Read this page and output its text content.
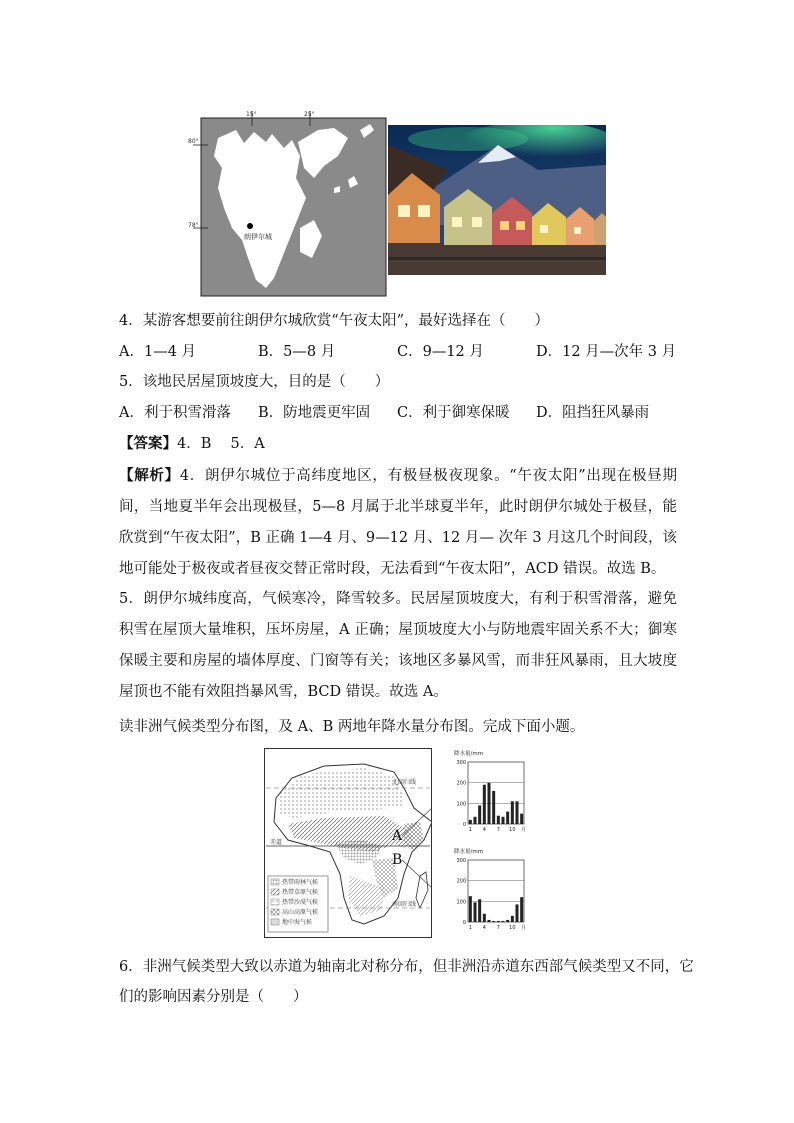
15°	25°
80°
78°
朗伊尔城
4．某游客想要前往朗伊尔城欣赏“午夜太阳”，最好选择在（　　）
A．1—4 月	B．5—8 月	C．9—12 月	D．12 月—次年 3 月
5．该地民居屋顶坡度大，目的是（　　）
A．利于积雪滑落 B．防地震更牢固 C．利于御寒保暖 D．阻挡狂风暴雨
【答案】4．B　 5．A
【解析】4．朗伊尔城位于高纬度地区，有极昼极夜现象。“午夜太阳”出现在极昼期间，当地夏半年会出现极昼，5—8 月属于北半球夏半年，此时朗伊尔城处于极昼，能欣赏到“午夜太阳”，B 正确 1—4 月、9—12 月、12 月— 次年 3 月这几个时间段，该地可能处于极夜或者昼夜交替正常时段，无法看到“午夜太阳”，ACD 错误。故选 B。
5．朗伊尔城纬度高，气候寒冷，降雪较多。民居屋顶坡度大，有利于积雪滑落，避免积雪在屋顶大量堆积，压坏房屋，A 正确；屋顶坡度大小与防地震牢固关系不大；御寒保暖主要和房屋的墙体厚度、门窗等有关；该地区多暴风雪，而非狂风暴雨，且大坡度屋顶也不能有效阻挡暴风雪，BCD 错误。故选 A。
读非洲气候类型分布图，及 A、B 两地年降水量分布图。完成下面小题。
北回归线
赤道
南回归线
A
B
热带雨林气候
热带草原气候
热带沙漠气候
高山高原气候
地中海气候
降水量/mm
300
200
100
0
1 4 7 10 月
降水量/mm
300
200
100
0
1 4 7 10 月
6．非洲气候类型大致以赤道为轴南北对称分布，但非洲沿赤道东西部气候类型又不同，它
们的影响因素分别是（　　）
